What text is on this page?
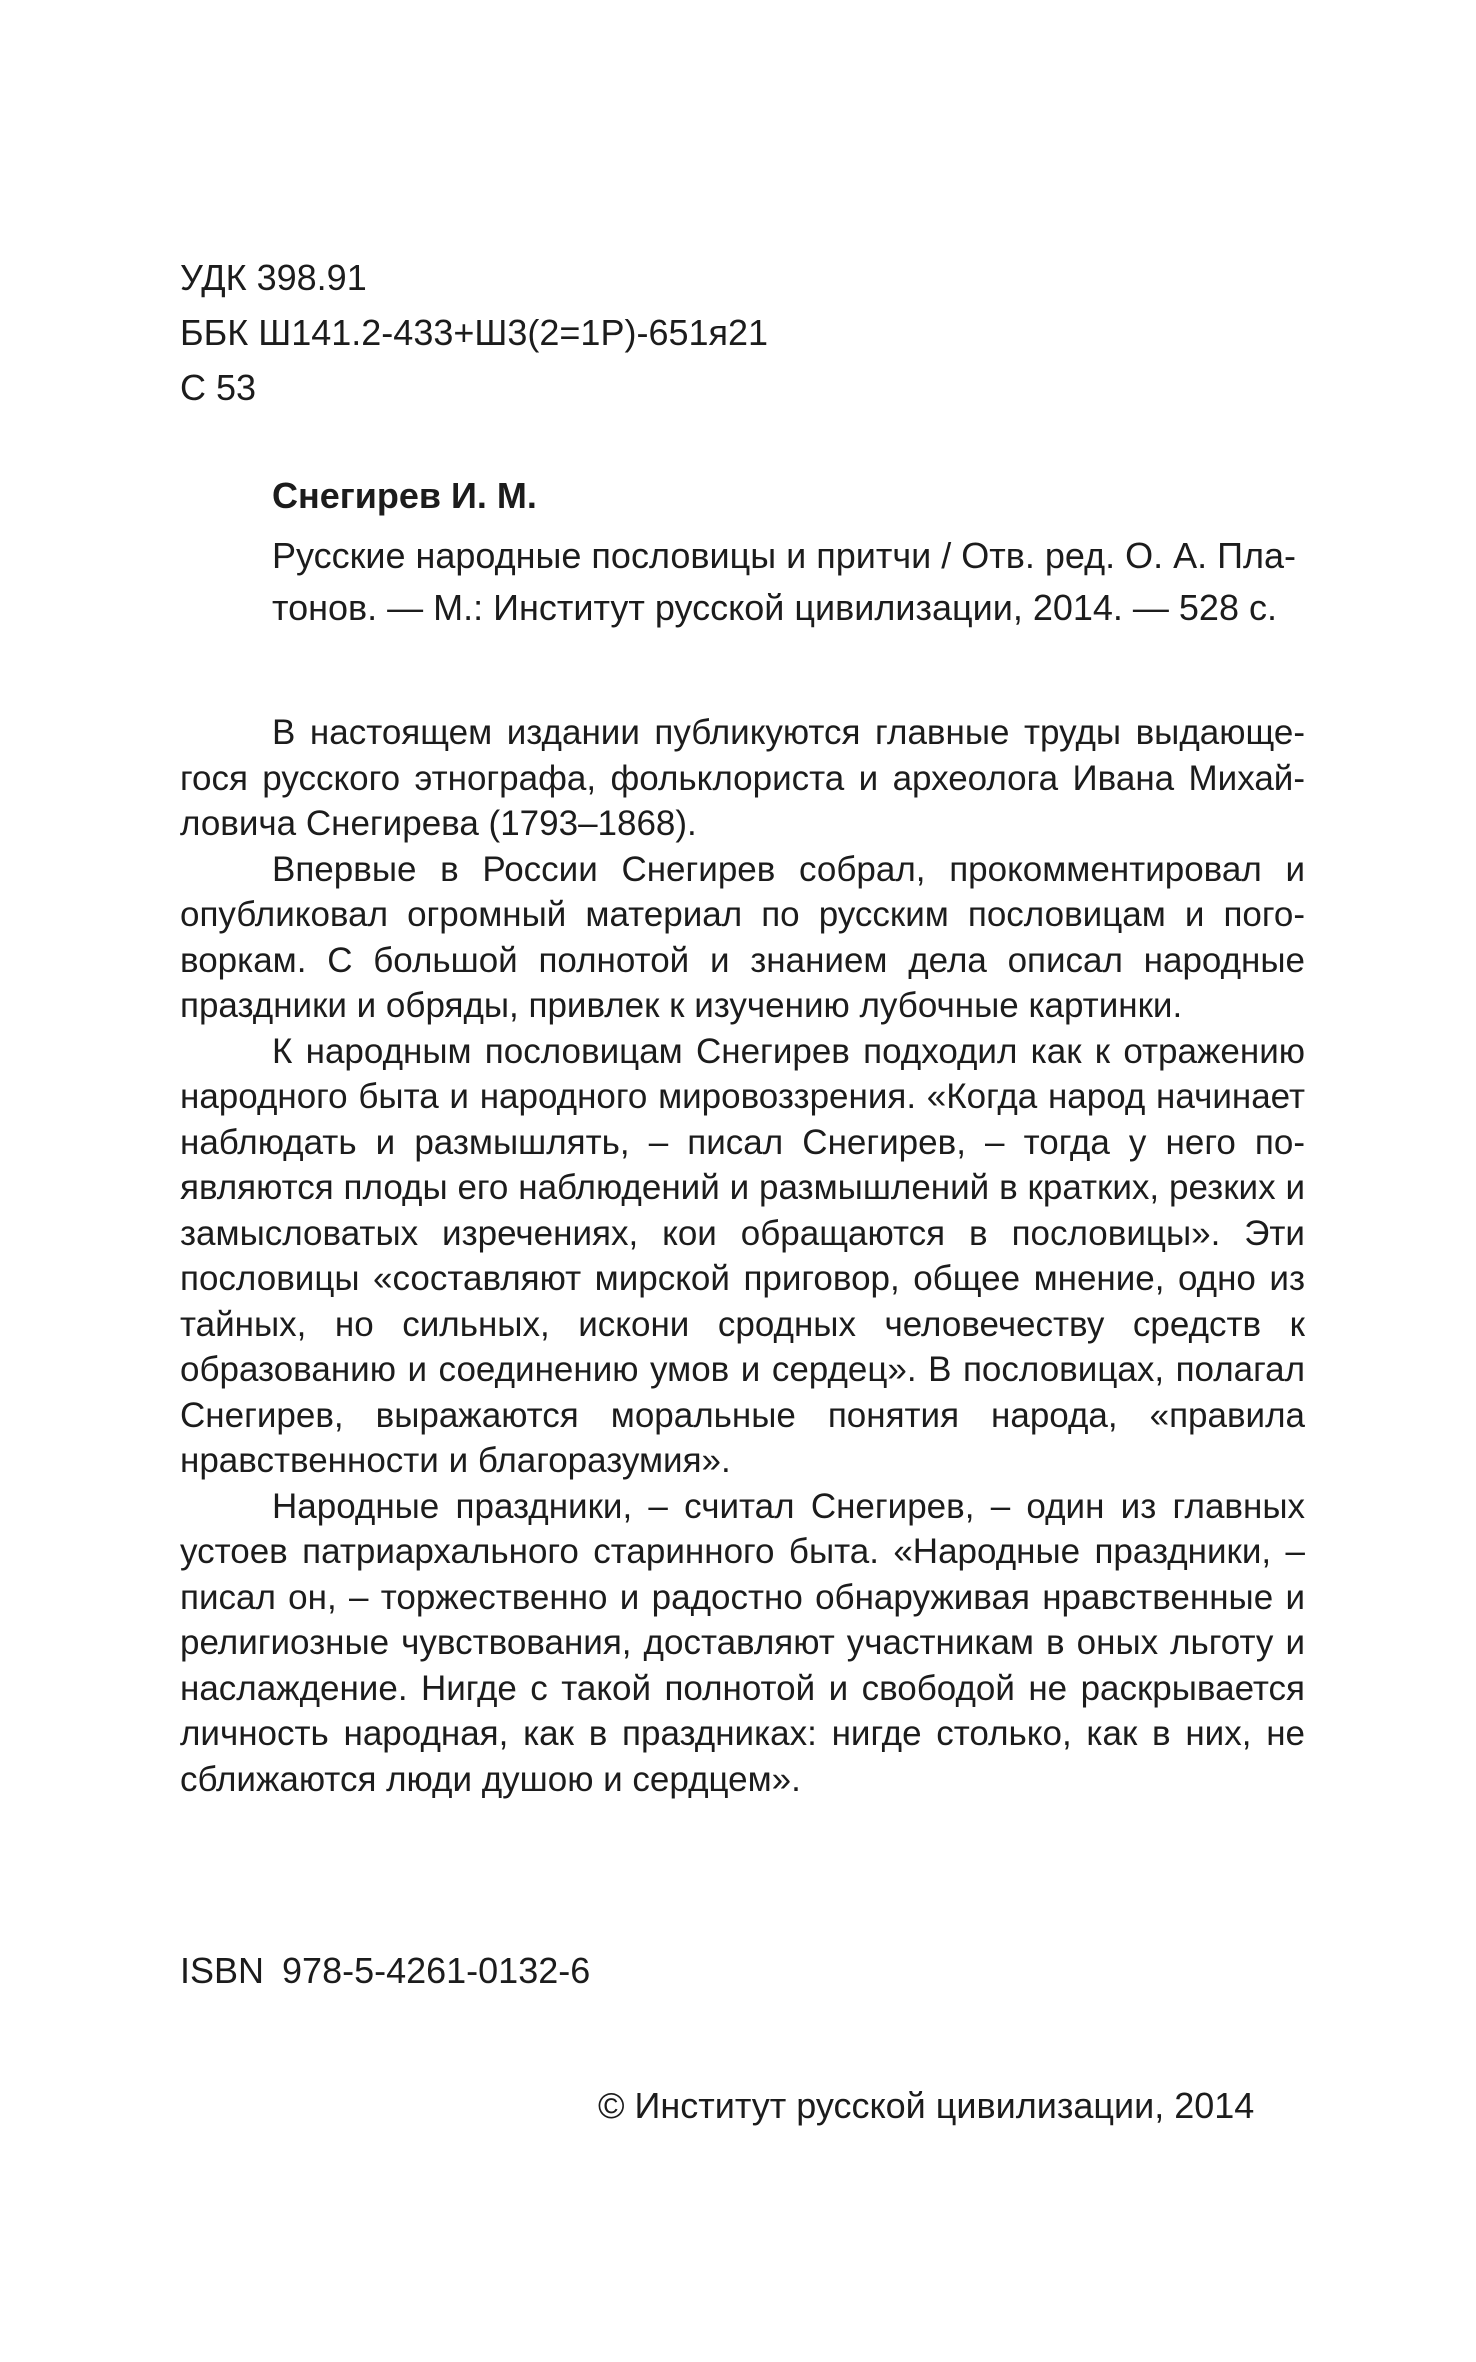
УДК 398.91
ББК Ш141.2-433+Ш3(2=1Р)-651я21
С 53
Снегирев И. М.
Русские народные пословицы и притчи / Отв. ред. О. А. Пла-
тонов. — М.: Институт русской цивилизации, 2014. — 528 с.

В настоящем издании публикуются главные труды выдающегося русского этнографа, фольклориста и археолога Ивана Михайловича Снегирева (1793–1868).

Впервые в России Снегирев собрал, прокомментировал и опубликовал огромный материал по русским пословицам и поговоркам. С большой полнотой и знанием дела описал народные праздники и обряды, привлек к изучению лубочные картинки.

К народным пословицам Снегирев подходил как к отражению народного быта и народного мировоззрения. «Когда народ начинает наблюдать и размышлять, – писал Снегирев, – тогда у него появляются плоды его наблюдений и размышлений в кратких, резких и замысловатых изречениях, кои обращаются в пословицы». Эти пословицы «составляют мирской приговор, общее мнение, одно из тайных, но сильных, искони сродных человечеству средств к образованию и соединению умов и сердец». В пословицах, полагал Снегирев, выражаются моральные понятия народа, «правила нравственности и благоразумия».

Народные праздники, – считал Снегирев, – один из главных устоев патриархального старинного быта. «Народные праздники, – писал он, – торжественно и радостно обнаруживая нравственные и религиозные чувствования, доставляют участникам в оных льготу и наслаждение. Нигде с такой полнотой и свободой не раскрывается личность народная, как в праздниках: нигде столько, как в них, не сближаются люди душою и сердцем».

ISBN 978-5-4261-0132-6
© Институт русской цивилизации, 2014
